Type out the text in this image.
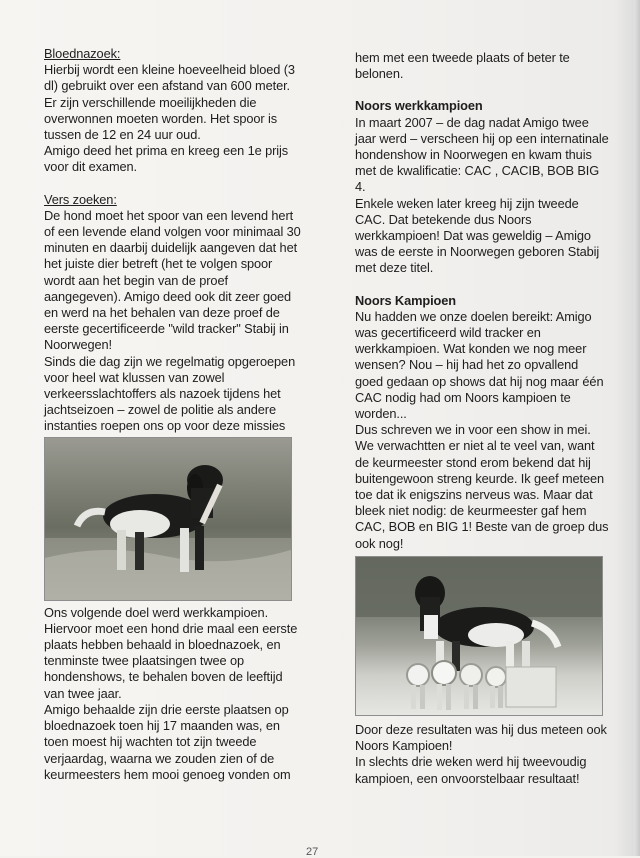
Bloednazoek:

Hierbij wordt een kleine hoeveelheid bloed (3 dl) gebruikt over een afstand van 600 meter. Er zijn verschillende moeilijkheden die overwonnen moeten worden. Het spoor is tussen de 12 en 24 uur oud.

Amigo deed het prima en kreeg een 1e prijs voor dit examen.

Vers zoeken:

De hond moet het spoor van een levend hert of een levende eland volgen voor minimaal 30 minuten en daarbij duidelijk aangeven dat het het juiste dier betreft (het te volgen spoor wordt aan het begin van de proef aangegeven). Amigo deed ook dit zeer goed en werd na het behalen van deze proef de eerste gecertificeerde "wild tracker" Stabij in Noorwegen!

Sinds die dag zijn we regelmatig opgeroepen voor heel wat klussen van zowel verkeersslachtoffers als nazoek tijdens het jachtseizoen – zowel de politie als andere instanties roepen ons op voor deze missies

Ons volgende doel werd werkkampioen. Hiervoor moet een hond drie maal een eerste plaats hebben behaald in bloednazoek, en tenminste twee plaatsingen twee op hondenshows, te behalen boven de leeftijd van twee jaar.

Amigo behaalde zijn drie eerste plaatsen op bloednazoek toen hij 17 maanden was, en toen moest hij wachten tot zijn tweede verjaardag, waarna we zouden zien of de keurmeesters hem mooi genoeg vonden om

hem met een tweede plaats of beter te belonen.

Noors werkkampioen

In maart 2007 – de dag nadat Amigo twee jaar werd – verscheen hij op een internatinale hondenshow in Noorwegen en kwam thuis met de kwalificatie: CAC , CACIB, BOB BIG 4.

Enkele weken later kreeg hij zijn tweede CAC. Dat betekende dus Noors werkkampioen! Dat was geweldig – Amigo was de eerste in Noorwegen geboren Stabij met deze titel.

Noors Kampioen

Nu hadden we onze doelen bereikt: Amigo was gecertificeerd wild tracker en werkkampioen. Wat konden we nog meer wensen? Nou – hij had het zo opvallend goed gedaan op shows dat hij nog maar één CAC nodig had om Noors kampioen te worden...

Dus schreven we in voor een show in mei. We verwachtten er niet al te veel van, want de keurmeester stond erom bekend dat hij buitengewoon streng keurde. Ik geef meteen toe dat ik enigszins nerveus was. Maar dat bleek niet nodig: de keurmeester gaf hem CAC, BOB en BIG 1! Beste van de groep dus ook nog!

Door deze resultaten was hij dus meteen ook Noors Kampioen!

In slechts drie weken werd hij tweevoudig kampioen, een onvoorstelbaar resultaat!

27
